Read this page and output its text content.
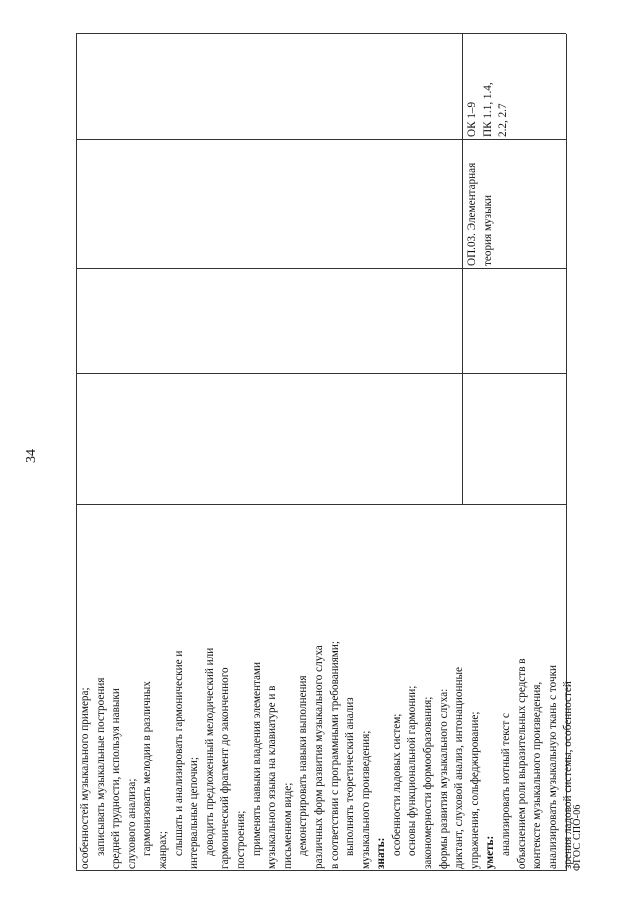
34
особенностей музыкального примера; записывать музыкальные построения средней трудности, используя навыки слухового анализа; гармонизовать мелодии в различных жанрах; слышать и анализировать гармонические и интервальные цепочки; доводить предложенный мелодический или гармонический фрагмент до законченного построения; применять навыки владения элементами музыкального языка на клавиатуре и в письменном виде; демонстрировать навыки выполнения различных форм развития музыкального слуха в соответствии с программными требованиями; выполнять теоретический анализ музыкального произведения; знать: особенности ладовых систем; основы функциональной гармонии; закономерности формообразования; формы развития музыкального слуха: диктант, слуховой анализ, интонационные упражнения, сольфеджирование; уметь: анализировать нотный текст с объяснением роли выразительных средств в контексте музыкального произведения, анализировать музыкальную ткань с точки зрения ладовой системы, особенностей
ОП.03. Элементарная теория музыки
ОК 1–9 ПК 1.1, 1.4, 2.2, 2.7
ФГОС СПО-06
